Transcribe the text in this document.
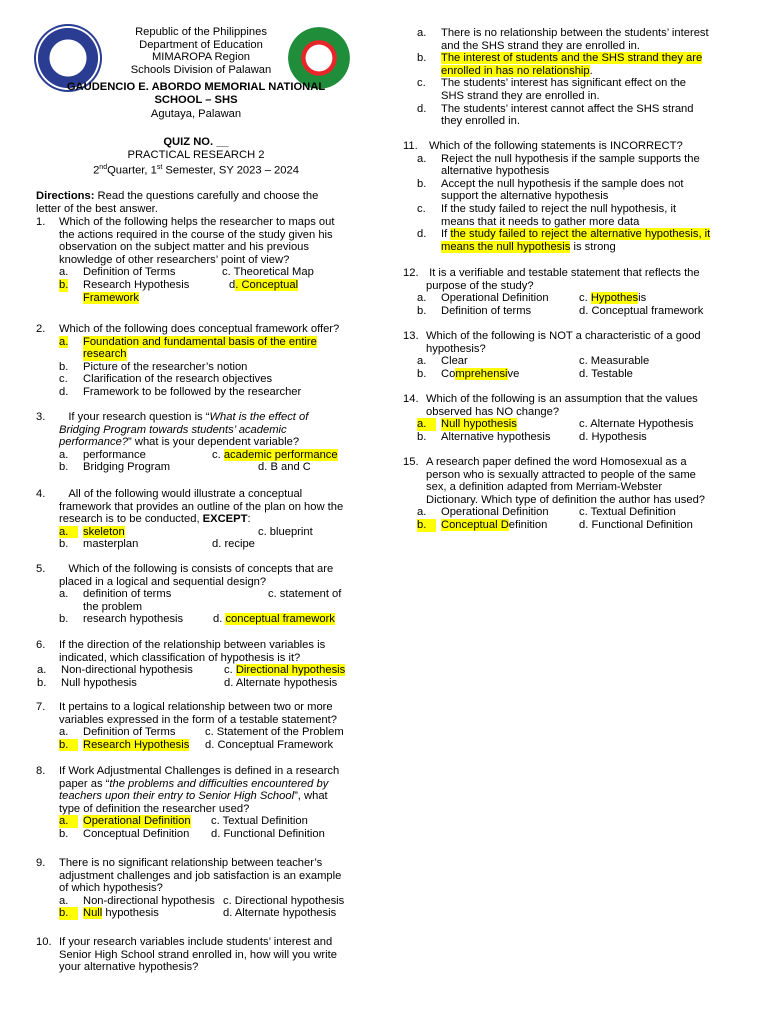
Republic of the Philippines
Department of Education
MIMAROPA Region
Schools Division of Palawan
GAUDENCIO E. ABORDO MEMORIAL NATIONAL
SCHOOL – SHS
Agutaya, Palawan
QUIZ NO. __
PRACTICAL RESEARCH 2
2ndQuarter, 1st Semester, SY 2023 – 2024
Directions: Read the questions carefully and choose the
letter of the best answer.
1. Which of the following helps the researcher to maps out
the actions required in the course of the study given his
observation on the subject matter and his previous
knowledge of other researchers’ point of view?
a. Definition of Terms	c. Theoretical Map
b. Research Hypothesis	d. Conceptual
Framework
2. Which of the following does conceptual framework offer?
a. Foundation and fundamental basis of the entire
research
b. Picture of the researcher’s notion
c. Clarification of the research objectives
d. Framework to be followed by the researcher
3.	If your research question is “What is the effect of
Bridging Program towards students’ academic
performance?” what is your dependent variable?
a. performance	c. academic performance
b. Bridging Program	d. B and C
4.	All of the following would illustrate a conceptual
framework that provides an outline of the plan on how the
research is to be conducted, EXCEPT:
a. skeleton	c. blueprint
b. masterplan	d. recipe
5.	Which of the following is consists of concepts that are
placed in a logical and sequential design?
a. definition of terms	c. statement of
the problem
b. research hypothesis	d. conceptual framework
6. If the direction of the relationship between variables is
indicated, which classification of hypothesis is it?
a. Non-directional hypothesis	c. Directional hypothesis
b. Null hypothesis	d. Alternate hypothesis
7. It pertains to a logical relationship between two or more
variables expressed in the form of a testable statement?
a. Definition of Terms	c. Statement of the Problem
b. Research Hypothesis d. Conceptual Framework
8. If Work Adjustmental Challenges is defined in a research
paper as “the problems and difficulties encountered by
teachers upon their entry to Senior High School”, what
type of definition the researcher used?
a. Operational Definition c. Textual Definition
b. Conceptual Definition d. Functional Definition
9. There is no significant relationship between teacher’s
adjustment challenges and job satisfaction is an example
of which hypothesis?
a. Non-directional hypothesis c. Directional hypothesis
b. Null hypothesis	d. Alternate hypothesis
10. If your research variables include students’ interest and
Senior High School strand enrolled in, how will you write
your alternative hypothesis?
a. There is no relationship between the students’ interest
and the SHS strand they are enrolled in.
b. The interest of students and the SHS strand they are
enrolled in has no relationship.
c. The students’ interest has significant effect on the
SHS strand they are enrolled in.
d. The students’ interest cannot affect the SHS strand
they enrolled in.
11. Which of the following statements is INCORRECT?
a. Reject the null hypothesis if the sample supports the
alternative hypothesis
b. Accept the null hypothesis if the sample does not
support the alternative hypothesis
c. If the study failed to reject the null hypothesis, it
means that it needs to gather more data
d. If the study failed to reject the alternative hypothesis, it
means the null hypothesis is strong
12. It is a verifiable and testable statement that reflects the
purpose of the study?
a. Operational Definition	c. Hypothesis
b. Definition of terms	d. Conceptual framework
13. Which of the following is NOT a characteristic of a good
hypothesis?
a. Clear	c. Measurable
b. Comprehensive	d. Testable
14. Which of the following is an assumption that the values
observed has NO change?
a. Null hypothesis	c. Alternate Hypothesis
b. Alternative hypothesis	d. Hypothesis
15. A research paper defined the word Homosexual as a
person who is sexually attracted to people of the same
sex, a definition adapted from Merriam-Webster
Dictionary. Which type of definition the author has used?
a. Operational Definition	c. Textual Definition
b. Conceptual Definition	d. Functional Definition
